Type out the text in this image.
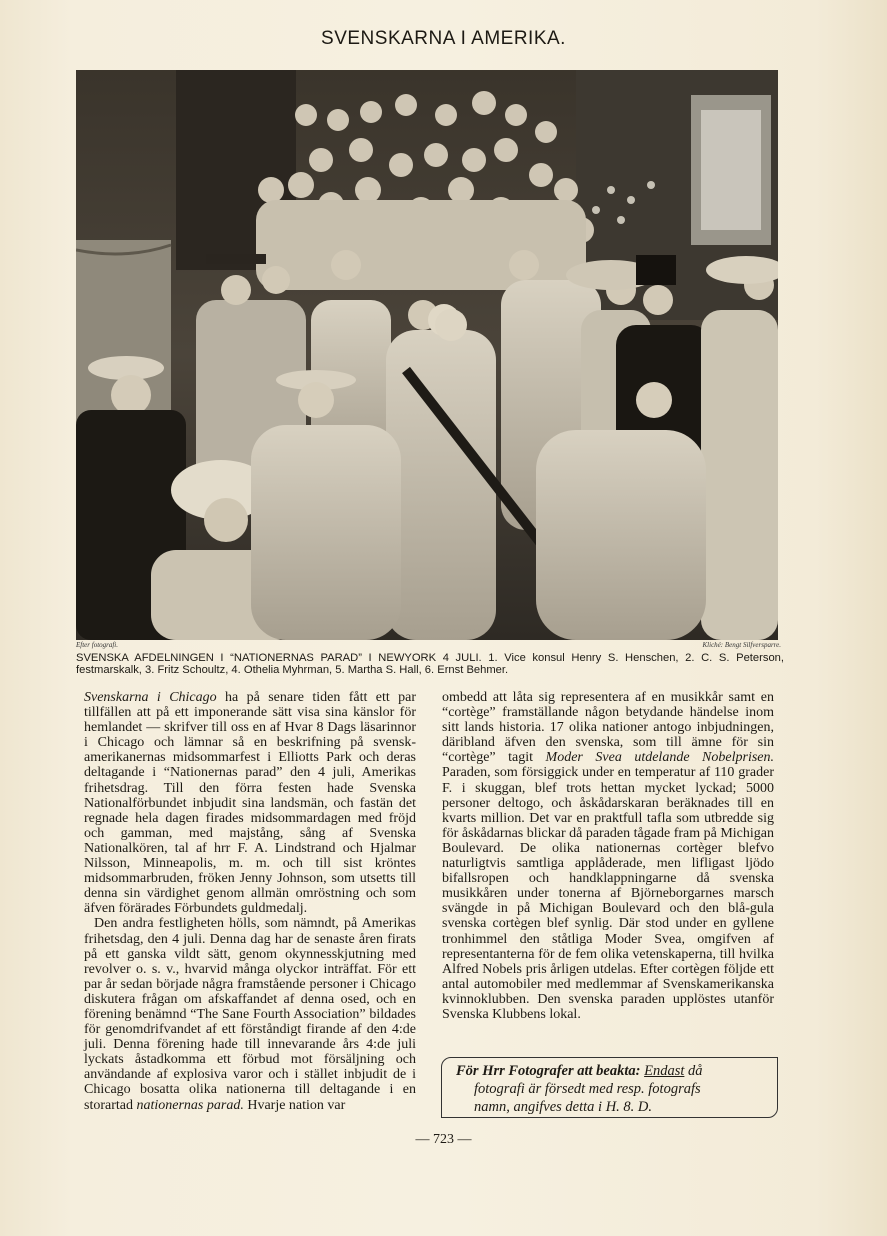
SVENSKARNA I AMERIKA.
Efter fotografi.	Kliché: Bengt Silfversparre.
SVENSKA AFDELNINGEN I “NATIONERNAS PARAD” I NEWYORK 4 JULI. 1. Vice konsul Henry S. Henschen, 2. C. S. Peterson, festmarskalk, 3. Fritz Schoultz, 4. Othelia Myhrman, 5. Martha S. Hall, 6. Ernst Behmer.

Svenskarna i Chicago ha på senare tiden fått ett par tillfällen att på ett imponerande sätt visa sina känslor för hemlandet — skrifver till oss en af Hvar 8 Dags läsarinnor i Chicago och lämnar så en beskrifning på svensk-amerikanernas midsommarfest i Elliotts Park och deras deltagande i “Nationernas parad” den 4 juli, Amerikas frihetsdrag. Till den förra festen hade Svenska Nationalförbundet inbjudit sina landsmän, och fastän det regnade hela dagen firades midsommardagen med fröjd och gamman, med majstång, sång af Svenska Nationalkören, tal af hrr F. A. Lindstrand och Hjalmar Nilsson, Minneapolis, m. m. och till sist kröntes midsommarbruden, fröken Jenny Johnson, som utsetts till denna sin värdighet genom allmän omröstning och som äfven förärades Förbundets guldmedalj.

Den andra festligheten hölls, som nämndt, på Amerikas frihetsdag, den 4 juli. Denna dag har de senaste åren firats på ett ganska vildt sätt, genom okynnesskjutning med revolver o. s. v., hvarvid många olyckor inträffat. För ett par år sedan började några framstående personer i Chicago diskutera frågan om afskaffandet af denna osed, och en förening benämnd “The Sane Fourth Association” bildades för genomdrifvandet af ett förståndigt firande af den 4:de juli. Denna förening hade till innevarande års 4:de juli lyckats åstadkomma ett förbud mot försäljning och användande af explosiva varor och i stället inbjudit de i Chicago bosatta olika nationerna till deltagande i en storartad nationernas parad. Hvarje nation var

ombedd att låta sig representera af en musikkår samt en “cortège” framställande någon betydande händelse inom sitt lands historia. 17 olika nationer antogo inbjudningen, däribland äfven den svenska, som till ämne för sin “cortège” tagit Moder Svea utdelande Nobelprisen. Paraden, som försiggick under en temperatur af 110 grader F. i skuggan, blef trots hettan mycket lyckad; 5000 personer deltogo, och åskådarskaran beräknades till en kvarts million. Det var en praktfull tafla som utbredde sig för åskådarnas blickar då paraden tågade fram på Michigan Boulevard. De olika nationernas cortèger blefvo naturligtvis samtliga applåderade, men lifligast ljödo bifallsropen och handklappningarne då svenska musikkåren under tonerna af Björneborgarnes marsch svängde in på Michigan Boulevard och den blå-gula svenska cortègen blef synlig. Där stod under en gyllene tronhimmel den ståtliga Moder Svea, omgifven af representanterna för de fem olika vetenskaperna, till hvilka Alfred Nobels pris årligen utdelas. Efter cortègen följde ett antal automobiler med medlemmar af Svenskamerikanska kvinnoklubben. Den svenska paraden upplöstes utanför Svenska Klubbens lokal.

För Hrr Fotografer att beakta: Endast då
fotografi är försedt med resp. fotografs
namn, angifves detta i H. 8. D.
— 723 —
